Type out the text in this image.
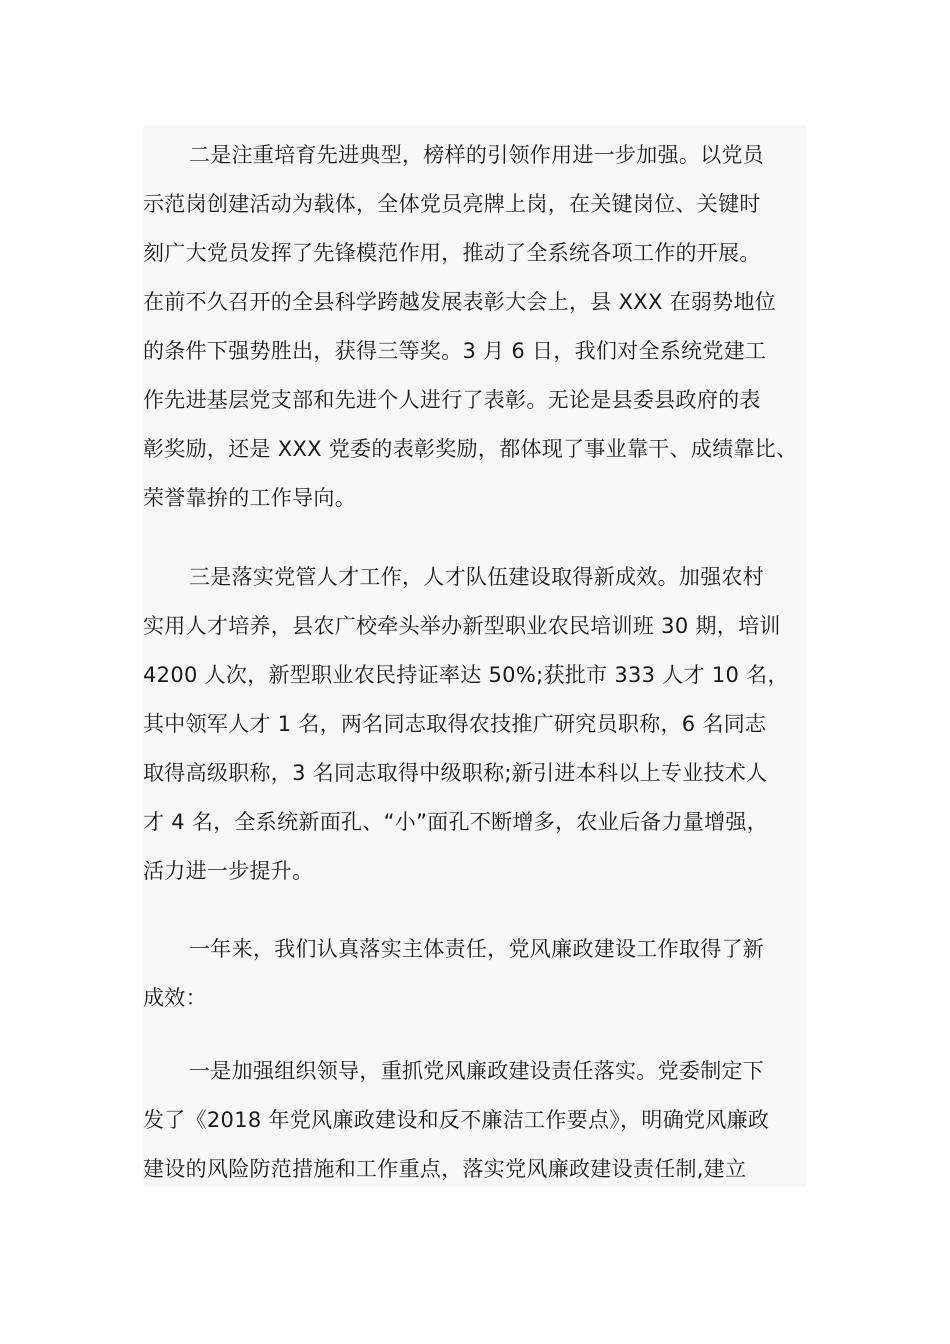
二是注重培育先进典型，榜样的引领作用进一步加强。以党员
示范岗创建活动为载体，全体党员亮牌上岗，在关键岗位、关键时
刻广大党员发挥了先锋模范作用，推动了全系统各项工作的开展。
在前不久召开的全县科学跨越发展表彰大会上，县 XXX 在弱势地位
的条件下强势胜出，获得三等奖。3 月 6 日，我们对全系统党建工
作先进基层党支部和先进个人进行了表彰。无论是县委县政府的表
彰奖励，还是 XXX 党委的表彰奖励，都体现了事业靠干、成绩靠比、
荣誉靠拚的工作导向。
三是落实党管人才工作，人才队伍建设取得新成效。加强农村
实用人才培养，县农广校牵头举办新型职业农民培训班 30 期，培训
4200 人次，新型职业农民持证率达 50%;获批市 333 人才 10 名，
其中领军人才 1 名，两名同志取得农技推广研究员职称，6 名同志
取得高级职称，3 名同志取得中级职称;新引进本科以上专业技术人
才 4 名，全系统新面孔、“小”面孔不断增多，农业后备力量增强，
活力进一步提升。
一年来，我们认真落实主体责任，党风廉政建设工作取得了新
成效：
一是加强组织领导，重抓党风廉政建设责任落实。党委制定下
发了《2018 年党风廉政建设和反不廉洁工作要点》，明确党风廉政
建设的风险防范措施和工作重点，落实党风廉政建设责任制,建立
